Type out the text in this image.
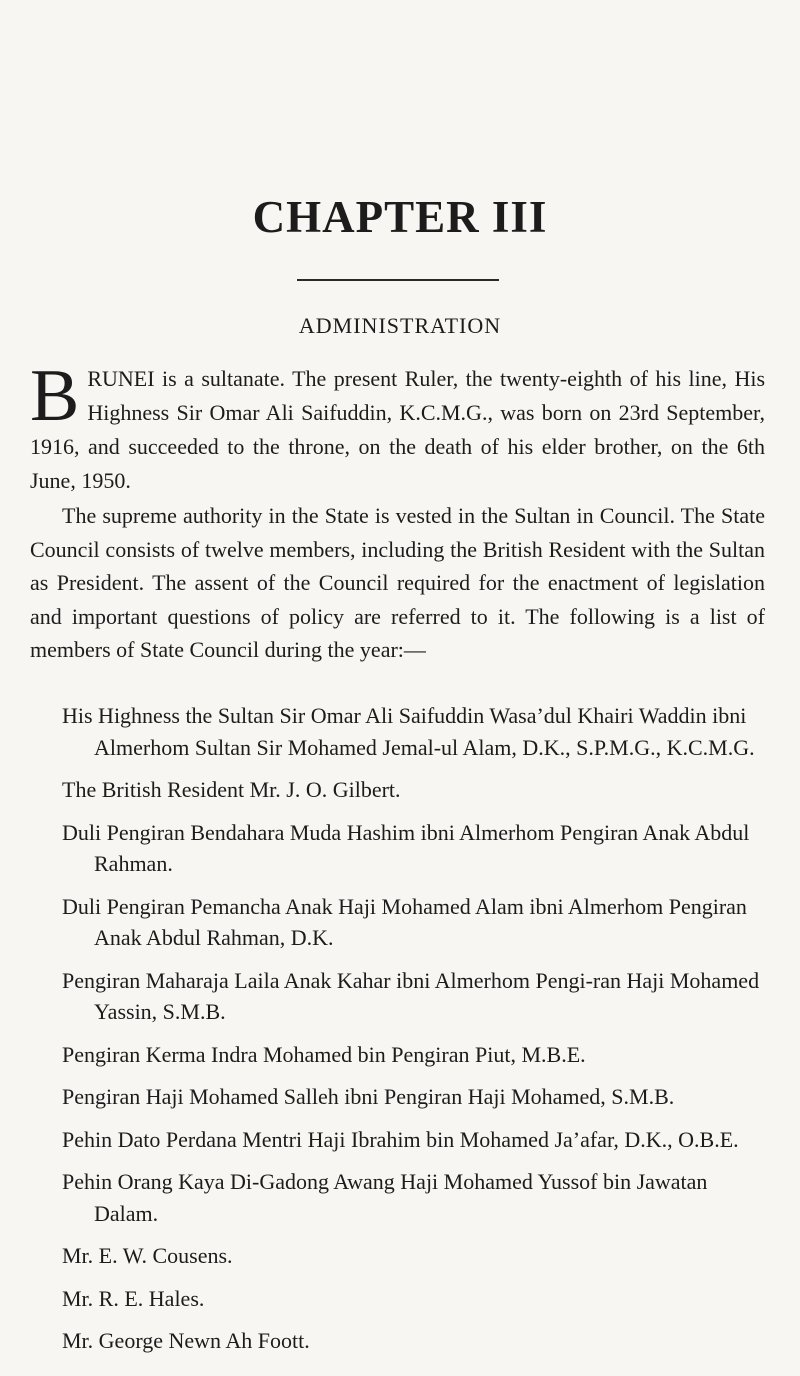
CHAPTER III
ADMINISTRATION
BRUNEI is a sultanate. The present Ruler, the twenty-eighth of his line, His Highness Sir Omar Ali Saifuddin, K.C.M.G., was born on 23rd September, 1916, and succeeded to the throne, on the death of his elder brother, on the 6th June, 1950.

The supreme authority in the State is vested in the Sultan in Council. The State Council consists of twelve members, including the British Resident with the Sultan as President. The assent of the Council required for the enactment of legislation and important questions of policy are referred to it. The following is a list of members of State Council during the year:—

His Highness the Sultan Sir Omar Ali Saifuddin Wasa’dul Khairi Waddin ibni Almerhom Sultan Sir Mohamed Jemal-ul Alam, D.K., S.P.M.G., K.C.M.G.
The British Resident Mr. J. O. Gilbert.
Duli Pengiran Bendahara Muda Hashim ibni Almerhom Pengiran Anak Abdul Rahman.
Duli Pengiran Pemancha Anak Haji Mohamed Alam ibni Almerhom Pengiran Anak Abdul Rahman, D.K.
Pengiran Maharaja Laila Anak Kahar ibni Almerhom Pengi-ran Haji Mohamed Yassin, S.M.B.
Pengiran Kerma Indra Mohamed bin Pengiran Piut, M.B.E.
Pengiran Haji Mohamed Salleh ibni Pengiran Haji Mohamed, S.M.B.
Pehin Dato Perdana Mentri Haji Ibrahim bin Mohamed Ja’afar, D.K., O.B.E.
Pehin Orang Kaya Di-Gadong Awang Haji Mohamed Yussof bin Jawatan Dalam.
Mr. E. W. Cousens.
Mr. R. E. Hales.
Mr. George Newn Ah Foott.
